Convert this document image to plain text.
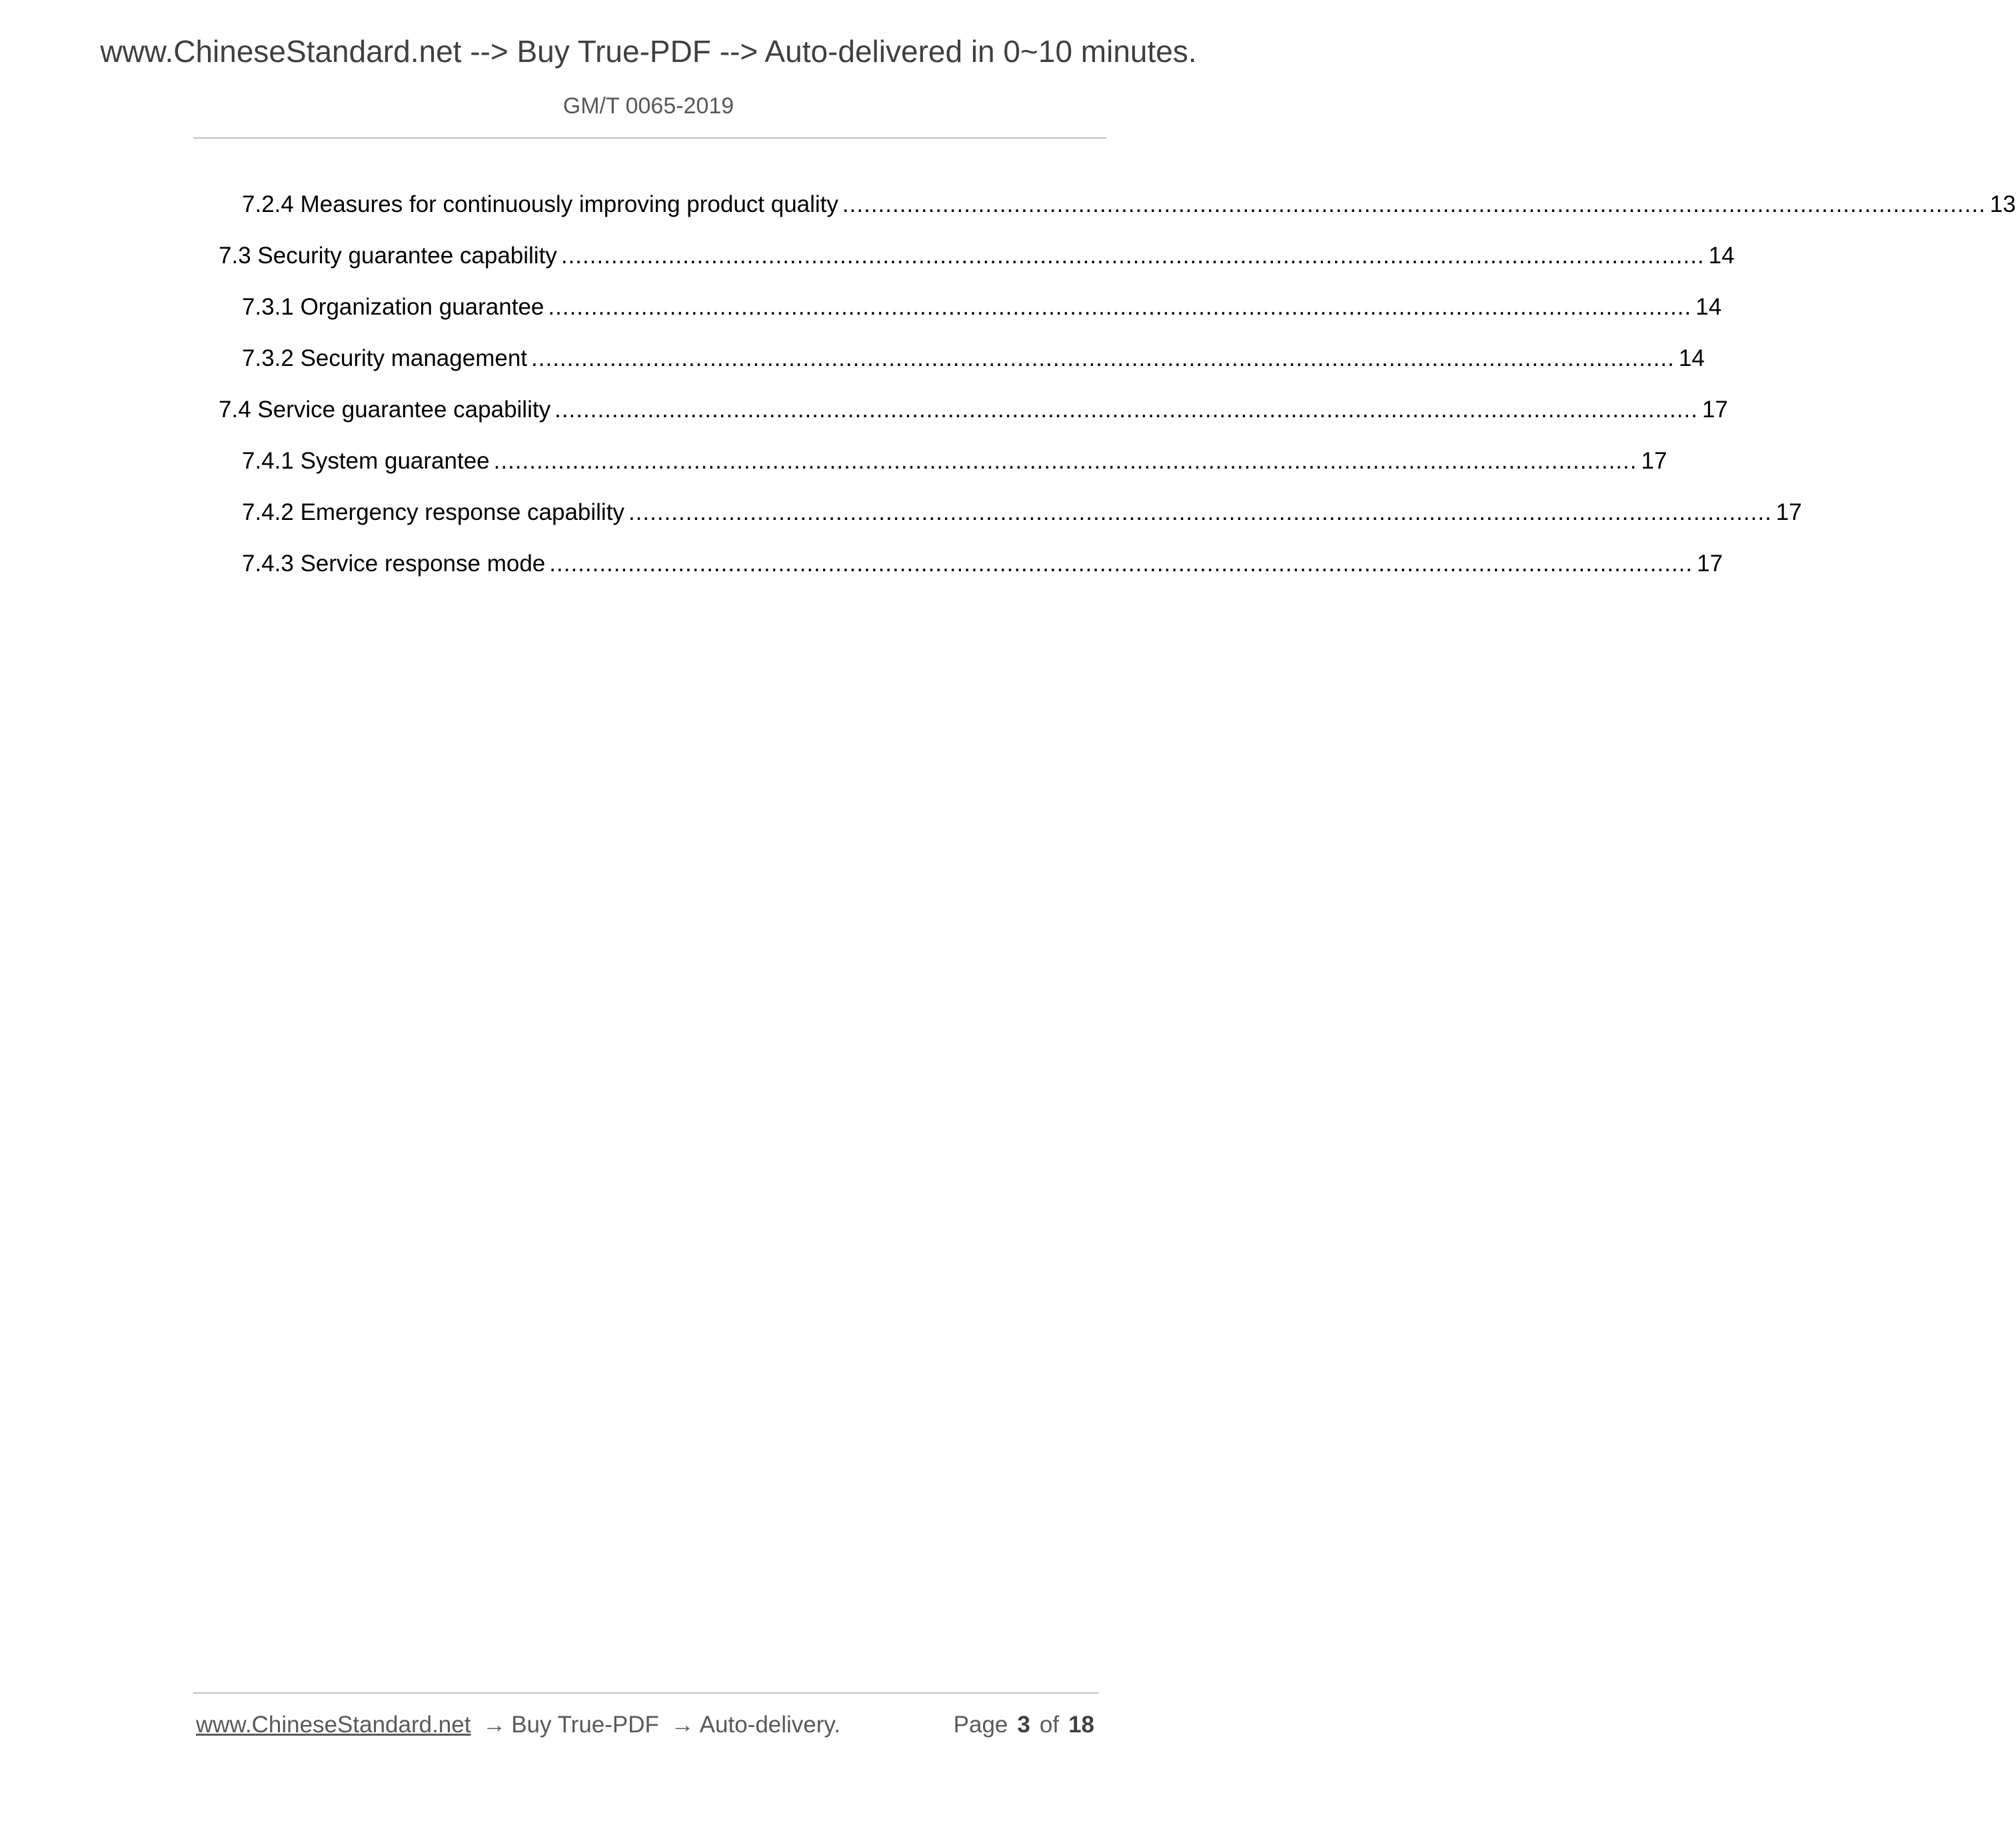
www.ChineseStandard.net --> Buy True-PDF --> Auto-delivered in 0~10 minutes.
GM/T 0065-2019
7.2.4 Measures for continuously improving product quality ................................................................................................................................................................ 13
7.3 Security guarantee capability ................................................................................................................................................................ 14
7.3.1 Organization guarantee ................................................................................................................................................................ 14
7.3.2 Security management ................................................................................................................................................................ 14
7.4 Service guarantee capability ................................................................................................................................................................ 17
7.4.1 System guarantee ................................................................................................................................................................ 17
7.4.2 Emergency response capability ................................................................................................................................................................ 17
7.4.3 Service response mode ................................................................................................................................................................ 17
www.ChineseStandard.net → Buy True-PDF → Auto-delivery.	Page 3 of 18
